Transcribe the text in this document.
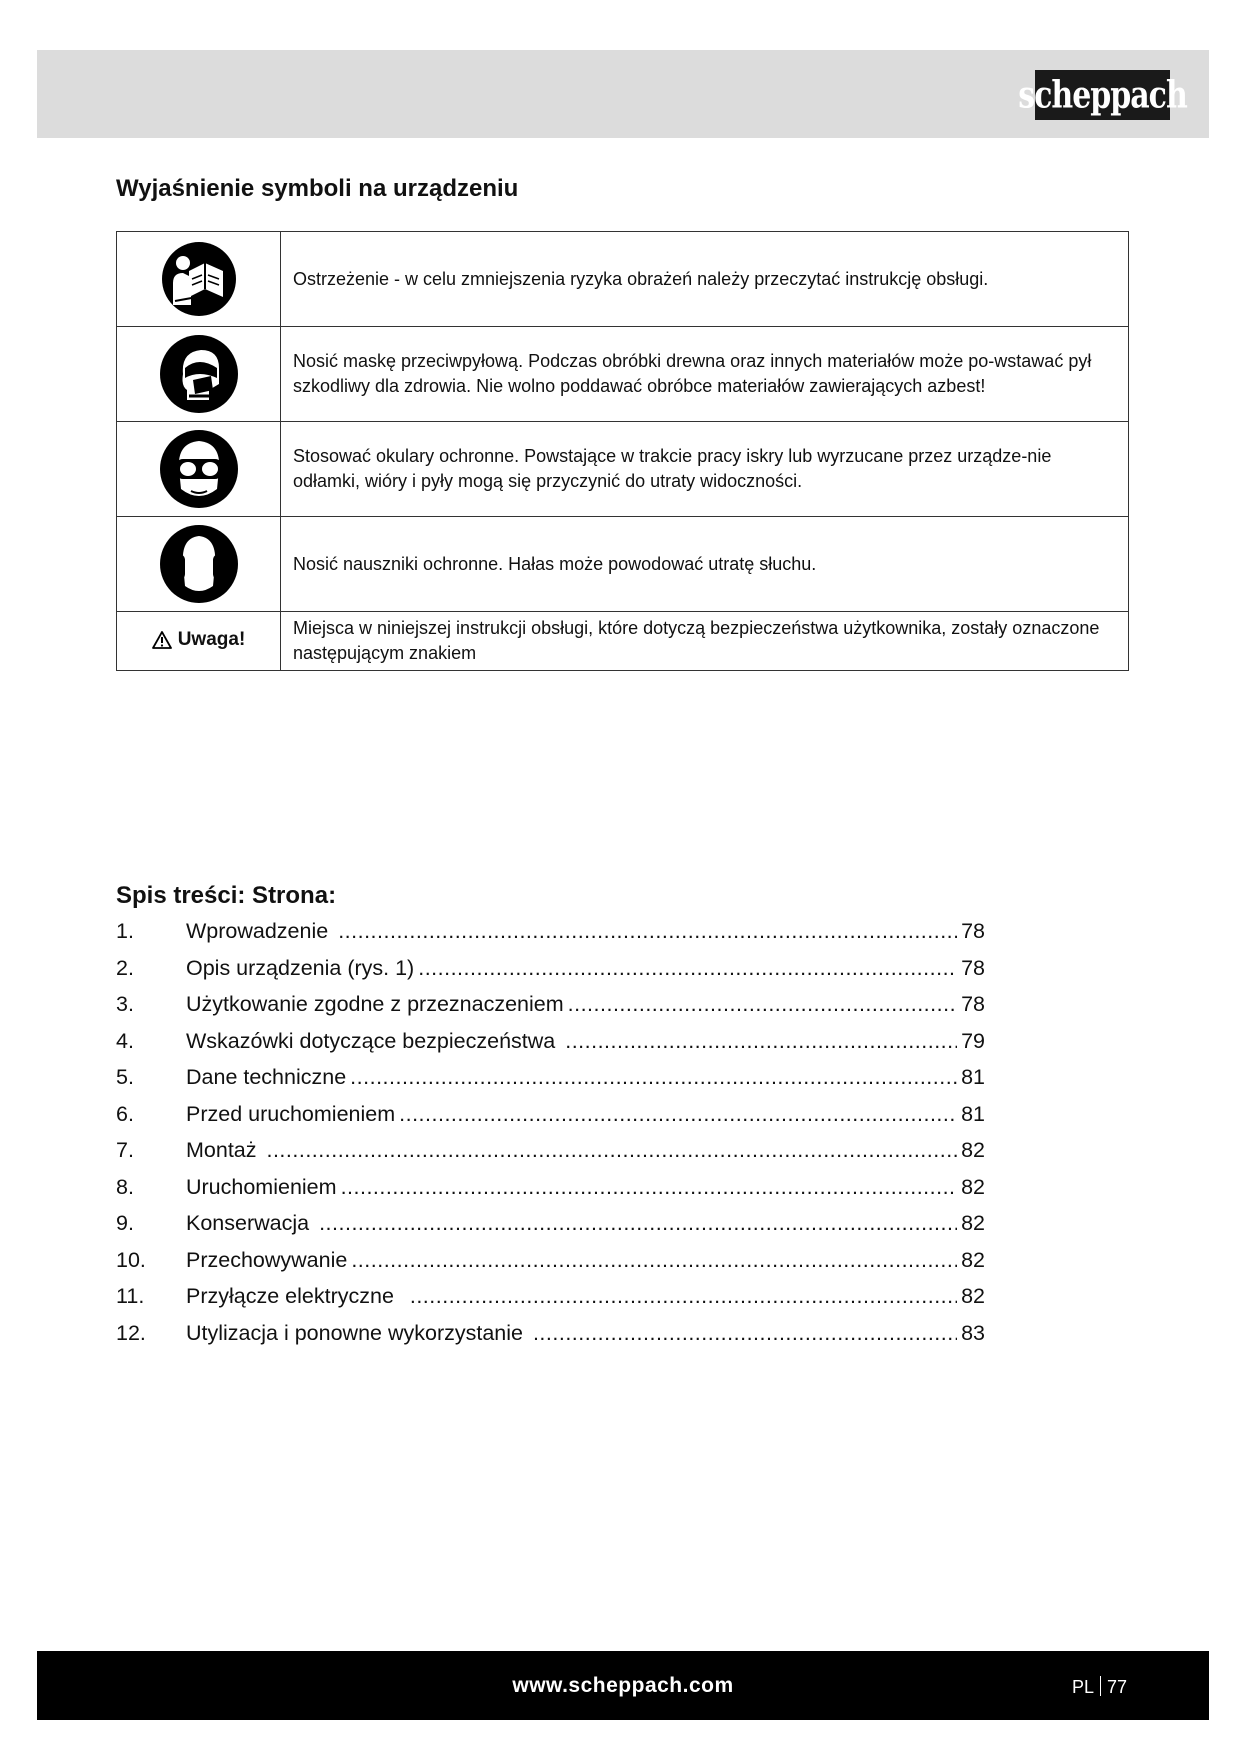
scheppach
Wyjaśnienie symboli na urządzeniu
	Ostrzeżenie - w celu zmniejszenia ryzyka obrażeń należy przeczytać instrukcję obsługi.

	Nosić maskę przeciwpyłową. Podczas obróbki drewna oraz innych materiałów może po-wstawać pył szkodliwy dla zdrowia. Nie wolno poddawać obróbce materiałów zawierających azbest!

	Stosować okulary ochronne. Powstające w trakcie pracy iskry lub wyrzucane przez urządze-nie odłamki, wióry i pyły mogą się przyczynić do utraty widoczności.

	Nosić nauszniki ochronne. Hałas może powodować utratę słuchu.

Uwaga!	Miejsca w niniejszej instrukcji obsługi, które dotyczą bezpieczeństwa użytkownika, zostały oznaczone następującym znakiem
Spis treści: Strona:
1.	Wprowadzenie .....	78
2.	Opis urządzenia (rys. 1) .....	78
3.	Użytkowanie zgodne z przeznaczeniem .....	78
4.	Wskazówki dotyczące bezpieczeństwa .....	79
5.	Dane techniczne .....	81
6.	Przed uruchomieniem .....	81
7.	Montaż .....	82
8.	Uruchomieniem .....	82
9.	Konserwacja .....	82
10.	Przechowywanie .....	82
11.	Przyłącze elektryczne .....	82
12.	Utylizacja i ponowne wykorzystanie .....	83
www.scheppach.com	PL 77
